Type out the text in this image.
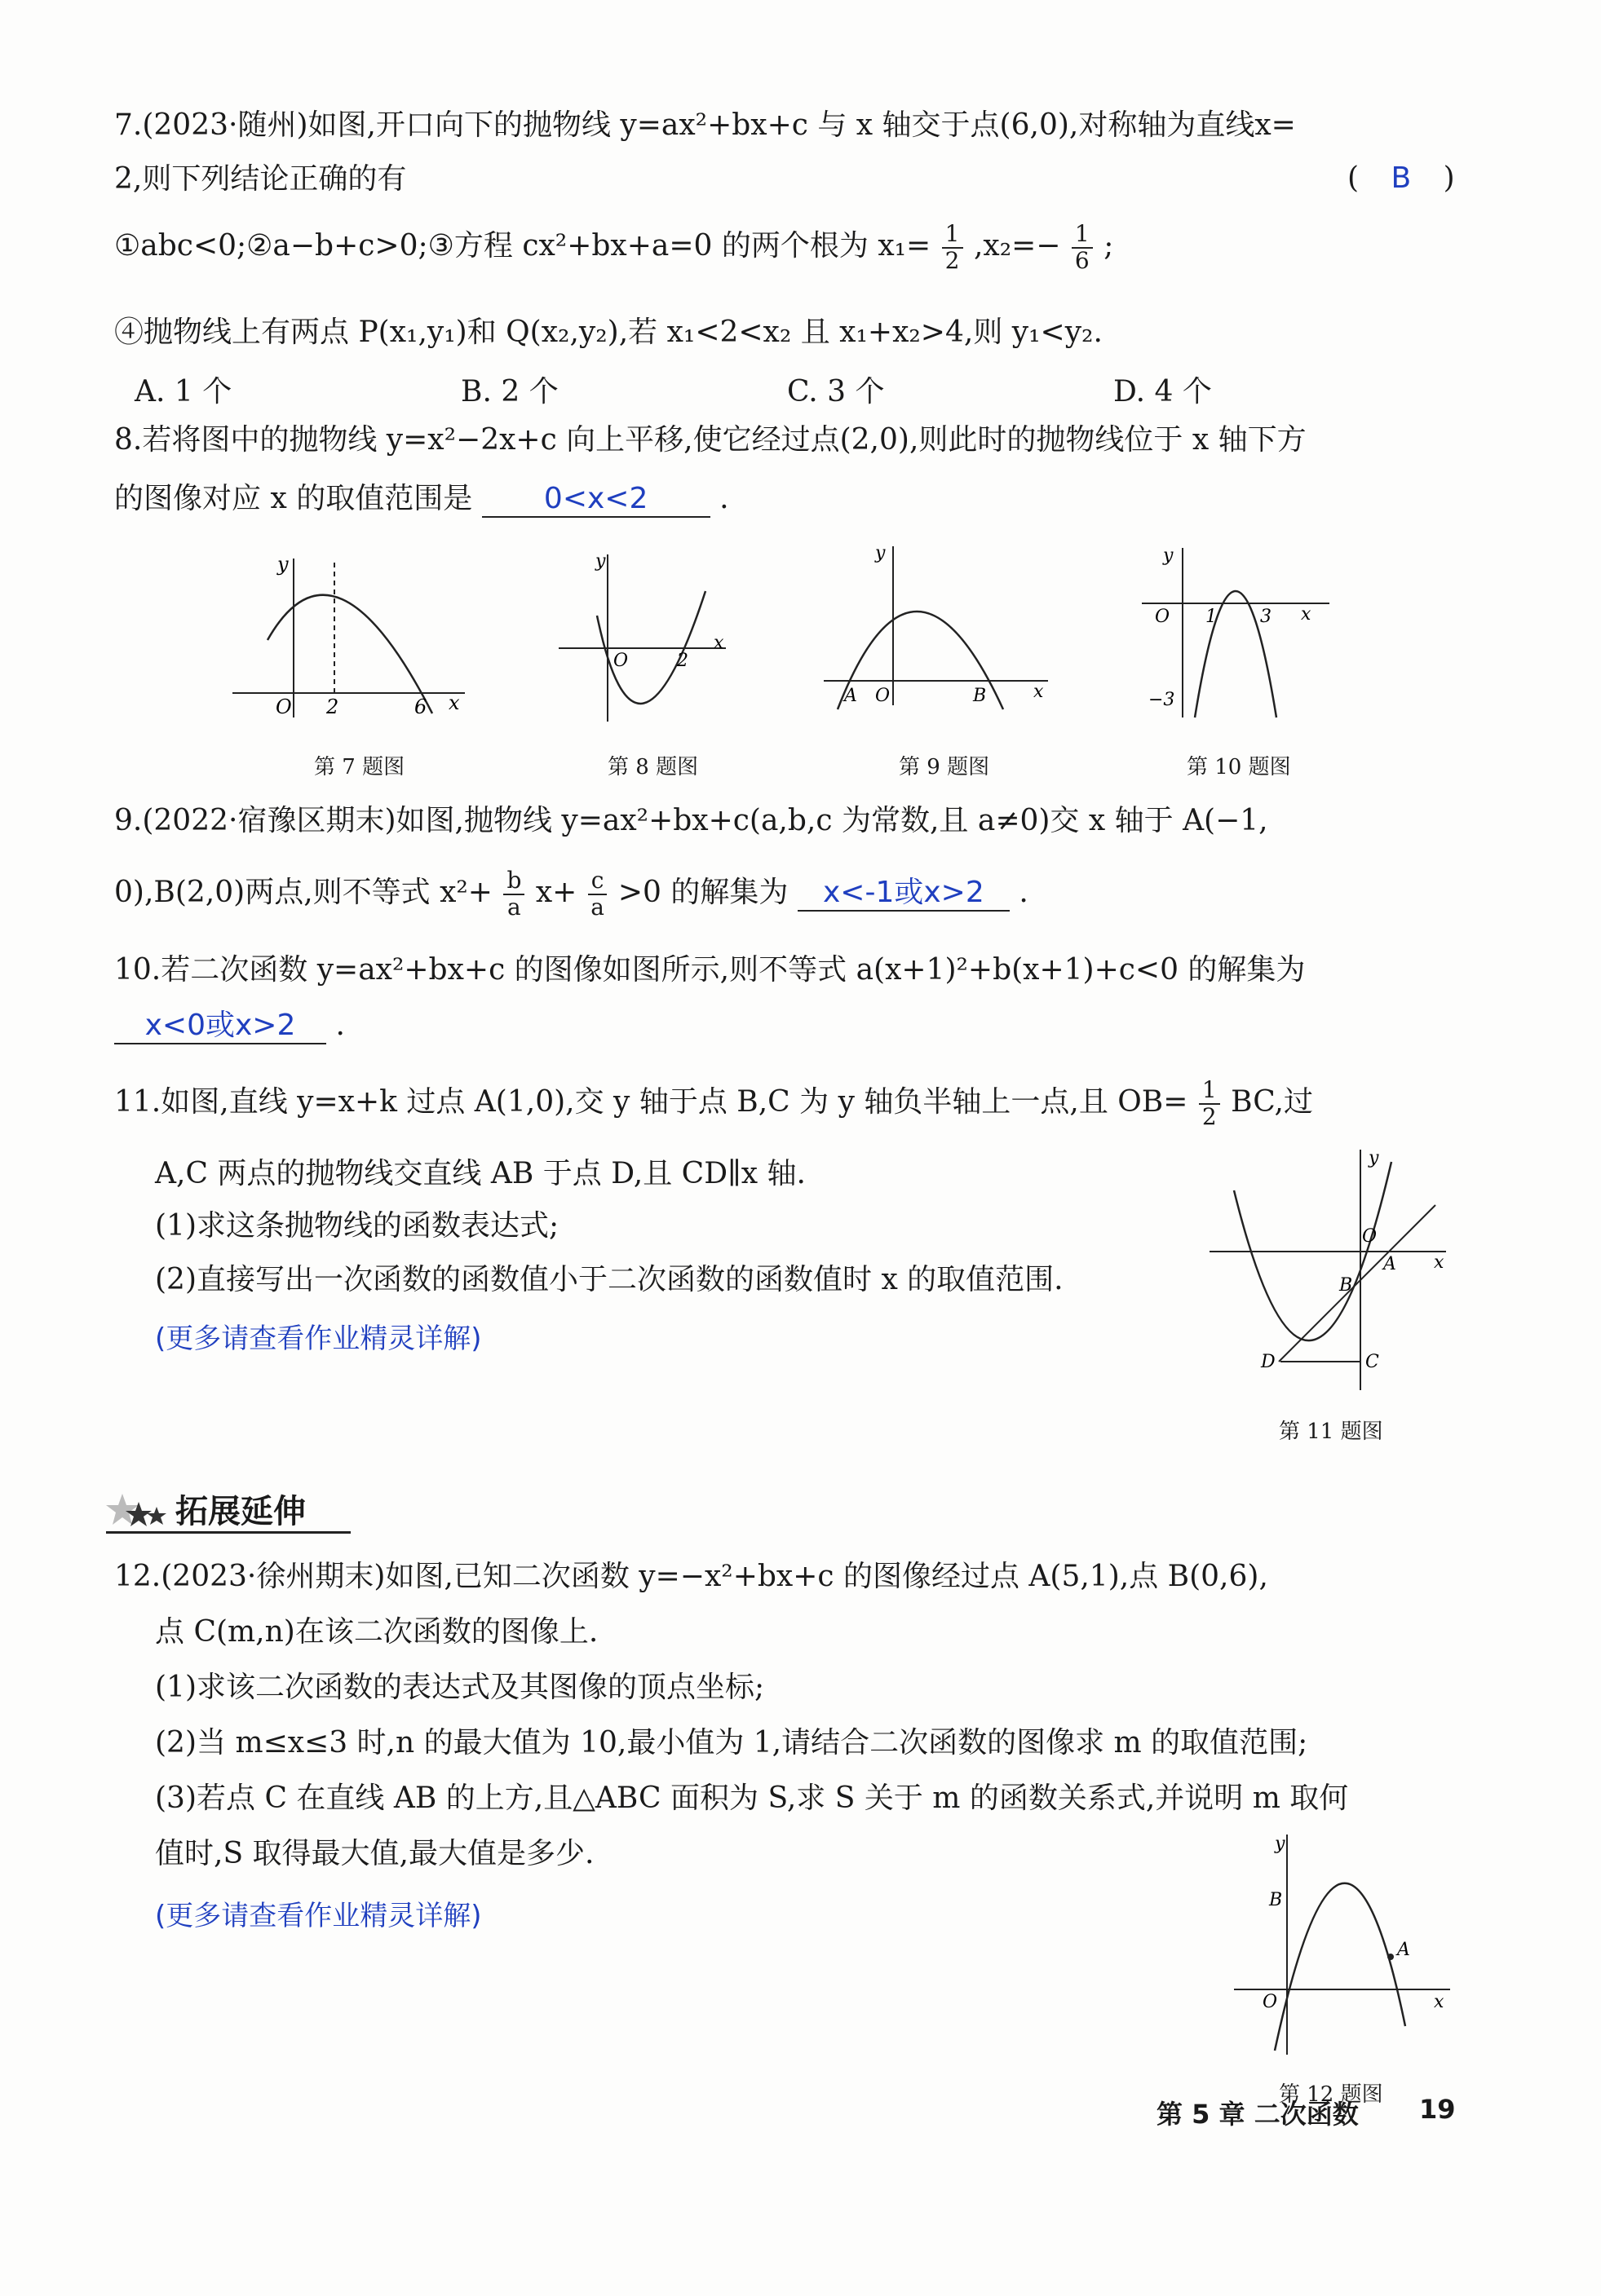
7.(2023·随州)如图,开口向下的抛物线 y=ax²+bx+c 与 x 轴交于点(6,0),对称轴为直线x=
2,则下列结论正确的有	( B )
①abc<0;②a−b+c>0;③方程 cx²+bx+a=0 的两个根为 $x_1= \frac{1}{2} ,x_2=- \frac{1}{6}$ ;
④抛物线上有两点 P(x₁,y₁)和 Q(x₂,y₂),若 x₁<2<x₂ 且 x₁+x₂>4,则 y₁<y₂.
A. 1 个	B. 2 个	C. 3 个	D. 4 个
8.若将图中的抛物线 y=x²−2x+c 向上平移,使它经过点(2,0),则此时的抛物线位于 x 轴下方
的图像对应 x 的取值范围是 0<x<2 .
y
x
O 2	6
第 7 题图
y
x
O	2
第 8 题图
y
x
A O	B
第 9 题图
y
x
O 1 3
−3
第 10 题图
9.(2022·宿豫区期末)如图,抛物线 y=ax²+bx+c(a,b,c 为常数,且 a≠0)交 x 轴于 A(−1,
0),B(2,0)两点,则不等式 $x^2+ \frac{b}{a} x+ \frac{c}{a} >0$ 的解集为 x<-1或x>2 .
10.若二次函数 y=ax²+bx+c 的图像如图所示,则不等式 a(x+1)²+b(x+1)+c<0 的解集为
x<0或x>2 .
11.如图,直线 y=x+k 过点 A(1,0),交 y 轴于点 B,C 为 y 轴负半轴上一点,且 $OB= \frac{1}{2}$ BC,过
A,C 两点的抛物线交直线 AB 于点 D,且 CD∥x 轴.
(1)求这条抛物线的函数表达式;
(2)直接写出一次函数的函数值小于二次函数的函数值时 x 的取值范围.
(更多请查看作业精灵详解)
y
x
O
A
B
C
D
第 11 题图
拓展延伸
12.(2023·徐州期末)如图,已知二次函数 y=−x²+bx+c 的图像经过点 A(5,1),点 B(0,6),
点 C(m,n)在该二次函数的图像上.
(1)求该二次函数的表达式及其图像的顶点坐标;
(2)当 m≤x≤3 时,n 的最大值为 10,最小值为 1,请结合二次函数的图像求 m 的取值范围;
(3)若点 C 在直线 AB 的上方,且△ABC 面积为 S,求 S 关于 m 的函数关系式,并说明 m 取何
值时,S 取得最大值,最大值是多少.
(更多请查看作业精灵详解)
y
x
O
B
A
第 12 题图
第 5 章 二次函数 19
